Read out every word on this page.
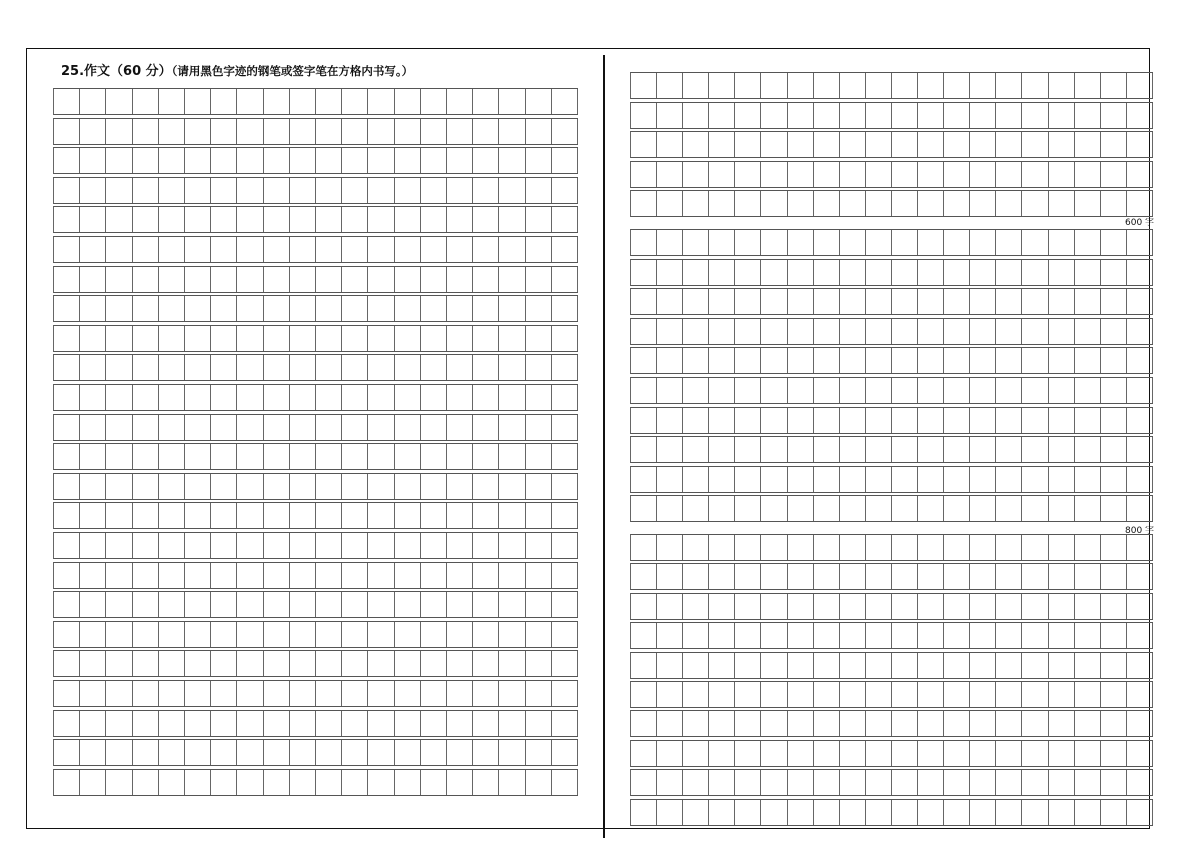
25.作文（60 分）（请用黑色字迹的钢笔或签字笔在方格内书写。）
600 字
800 字
